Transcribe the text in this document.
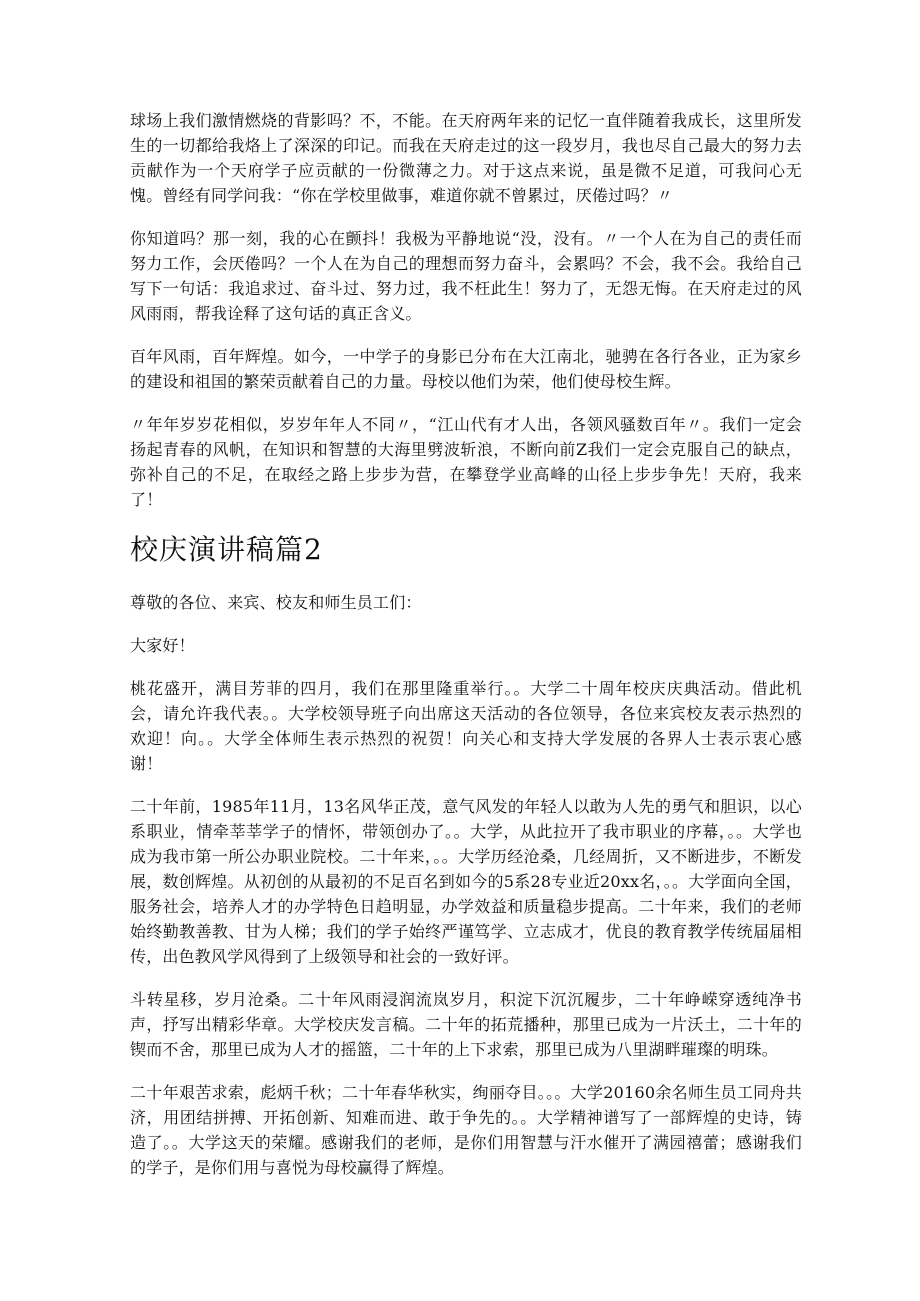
球场上我们激情燃烧的背影吗？不，不能。在天府两年来的记忆一直伴随着我成长，这里所发生的一切都给我烙上了深深的印记。而我在天府走过的这一段岁月，我也尽自己最大的努力去贡献作为一个天府学子应贡献的一份微薄之力。对于这点来说，虽是微不足道，可我问心无愧。曾经有同学问我：“你在学校里做事，难道你就不曾累过，厌倦过吗？〃

你知道吗？那一刻，我的心在颤抖！我极为平静地说“没，没有。〃一个人在为自己的责任而努力工作，会厌倦吗？一个人在为自己的理想而努力奋斗，会累吗？不会，我不会。我给自己写下一句话：我追求过、奋斗过、努力过，我不枉此生！努力了，无怨无悔。在天府走过的风风雨雨，帮我诠释了这句话的真正含义。

百年风雨，百年辉煌。如今，一中学子的身影已分布在大江南北，驰骋在各行各业，正为家乡的建设和祖国的繁荣贡献着自己的力量。母校以他们为荣，他们使母校生辉。

〃年年岁岁花相似，岁岁年年人不同〃，“江山代有才人出，各领风骚数百年〃。我们一定会扬起青春的风帆，在知识和智慧的大海里劈波斩浪，不断向前Z我们一定会克服自己的缺点，弥补自己的不足，在取经之路上步步为营，在攀登学业高峰的山径上步步争先！天府，我来了！

校庆演讲稿篇2

尊敬的各位、来宾、校友和师生员工们：

大家好！

桃花盛开，满目芳菲的四月，我们在那里隆重举行。。大学二十周年校庆庆典活动。借此机会，请允许我代表。。大学校领导班子向出席这天活动的各位领导，各位来宾校友表示热烈的欢迎！向。。大学全体师生表示热烈的祝贺！向关心和支持大学发展的各界人士表示衷心感谢！

二十年前，1985年11月，13名风华正茂，意气风发的年轻人以敢为人先的勇气和胆识，以心系职业，情牵莘莘学子的情怀，带领创办了。。大学，从此拉开了我市职业的序幕，。。大学也成为我市第一所公办职业院校。二十年来，。。大学历经沧桑，几经周折，又不断进步，不断发展，数创辉煌。从初创的从最初的不足百名到如今的5系28专业近20xx名，。。大学面向全国，服务社会，培养人才的办学特色日趋明显，办学效益和质量稳步提高。二十年来，我们的老师始终勤教善教、甘为人梯；我们的学子始终严谨笃学、立志成才，优良的教育教学传统届届相传，出色教风学风得到了上级领导和社会的一致好评。

斗转星移，岁月沧桑。二十年风雨浸润流岚岁月，积淀下沉沉履步，二十年峥嵘穿透纯净书声，抒写出精彩华章。大学校庆发言稿。二十年的拓荒播种，那里已成为一片沃土，二十年的锲而不舍，那里已成为人才的摇篮，二十年的上下求索，那里已成为八里湖畔璀璨的明珠。

二十年艰苦求索，彪炳千秋；二十年春华秋实，绚丽夺目。。。大学20160余名师生员工同舟共济，用团结拼搏、开拓创新、知难而进、敢于争先的。。大学精神谱写了一部辉煌的史诗，铸造了。。大学这天的荣耀。感谢我们的老师，是你们用智慧与汗水催开了满园禧蕾；感谢我们的学子，是你们用与喜悦为母校赢得了辉煌。
